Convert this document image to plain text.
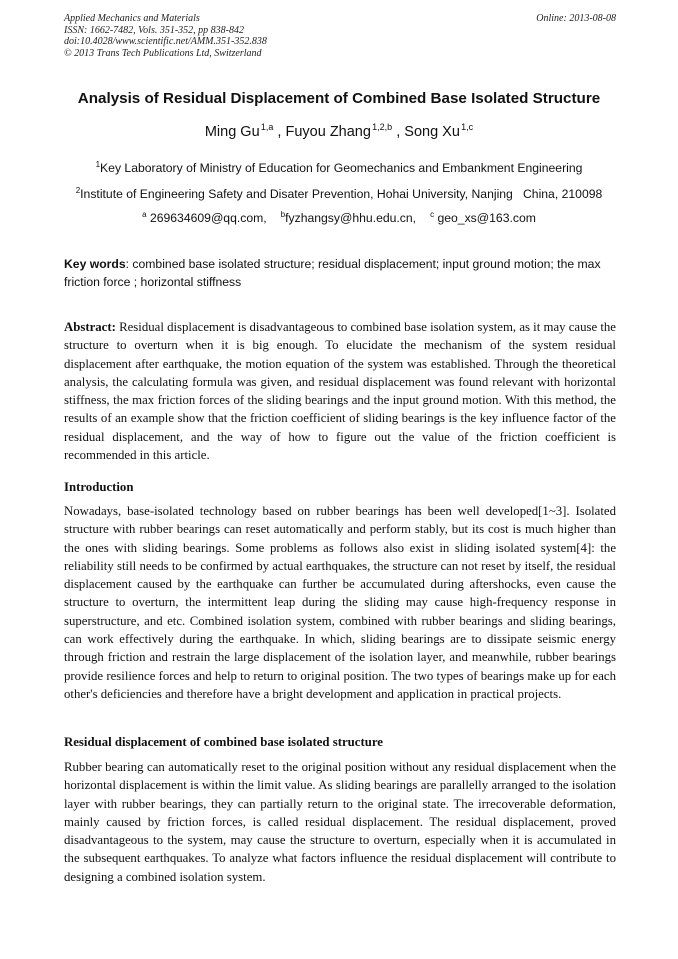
Applied Mechanics and Materials
ISSN: 1662-7482, Vols. 351-352, pp 838-842
doi:10.4028/www.scientific.net/AMM.351-352.838
© 2013 Trans Tech Publications Ltd, Switzerland
Online: 2013-08-08
Analysis of Residual Displacement of Combined Base Isolated Structure
Ming Gu $^{1,a}$ , Fuyou Zhang $^{1,2,b}$ , Song Xu $^{1,c}$
$^1$Key Laboratory of Ministry of Education for Geomechanics and Embankment Engineering
$^2$Institute of Engineering Safety and Disater Prevention, Hohai University, Nanjing   China, 210098
$^a$ 269634609@qq.com, $^b$fyzhangsy@hhu.edu.cn, $^c$ geo_xs@163.com
Key words: combined base isolated structure; residual displacement; input ground motion; the max friction force ; horizontal stiffness
Abstract: Residual displacement is disadvantageous to combined base isolation system, as it may cause the structure to overturn when it is big enough. To elucidate the mechanism of the system residual displacement after earthquake, the motion equation of the system was established. Through the theoretical analysis, the calculating formula was given, and residual displacement was found relevant with horizontal stiffness, the max friction forces of the sliding bearings and the input ground motion. With this method, the results of an example show that the friction coefficient of sliding bearings is the key influence factor of the residual displacement, and the way of how to figure out the value of the friction coefficient is recommended in this article.
Introduction
Nowadays, base-isolated technology based on rubber bearings has been well developed[1~3]. Isolated structure with rubber bearings can reset automatically and perform stably, but its cost is much higher than the ones with sliding bearings. Some problems as follows also exist in sliding isolated system[4]: the reliability still needs to be confirmed by actual earthquakes, the structure can not reset by itself, the residual displacement caused by the earthquake can further be accumulated during aftershocks, even cause the structure to overturn, the intermittent leap during the sliding may cause high-frequency response in superstructure, and etc. Combined isolation system, combined with rubber bearings and sliding bearings, can work effectively during the earthquake. In which, sliding bearings are to dissipate seismic energy through friction and restrain the large displacement of the isolation layer, and meanwhile, rubber bearings provide resilience forces and help to return to original position. The two types of bearings make up for each other's deficiencies and therefore have a bright development and application in practical projects.
Residual displacement of combined base isolated structure
Rubber bearing can automatically reset to the original position without any residual displacement when the horizontal displacement is within the limit value. As sliding bearings are parallelly arranged to the isolation layer with rubber bearings, they can partially return to the original state. The irrecoverable deformation, mainly caused by friction forces, is called residual displacement. The residual displacement, proved disadvantageous to the system, may cause the structure to overturn, especially when it is accumulated in the subsequent earthquakes. To analyze what factors influence the residual displacement will contribute to designing a combined isolation system.
